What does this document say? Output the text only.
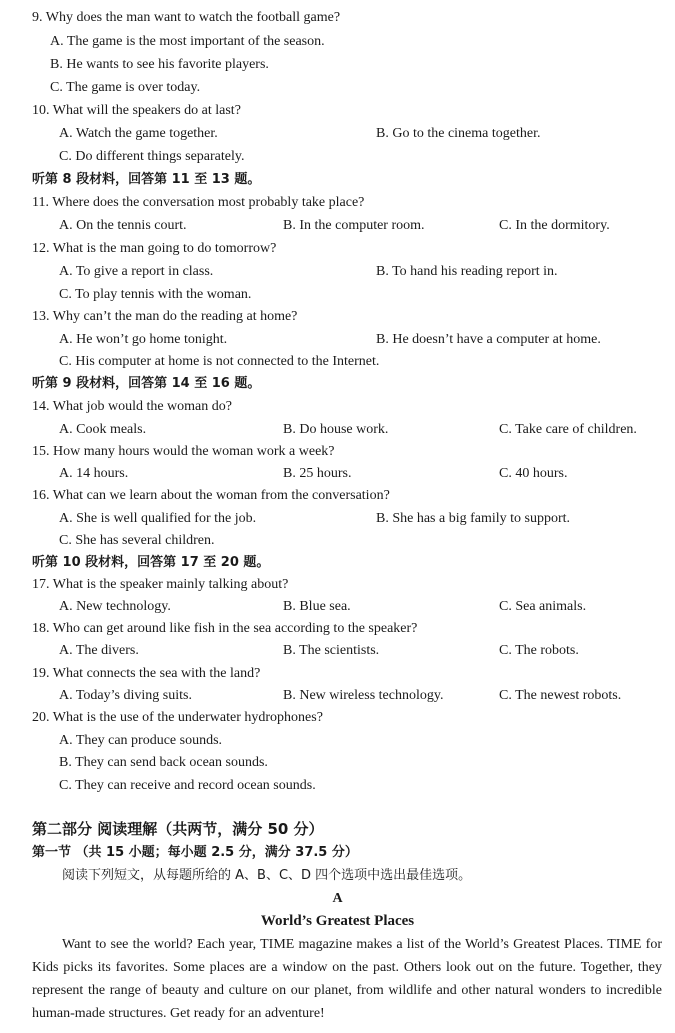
9. Why does the man want to watch the football game?
A. The game is the most important of the season.
B. He wants to see his favorite players.
C. The game is over today.
10. What will the speakers do at last?
A. Watch the game together.	B. Go to the cinema together.
C. Do different things separately.
听第 8 段材料，回答第 11 至 13 题。
11. Where does the conversation most probably take place?
A. On the tennis court.	B. In the computer room.	C. In the dormitory.
12. What is the man going to do tomorrow?
A. To give a report in class.	B. To hand his reading report in.
C. To play tennis with the woman.
13. Why can’t the man do the reading at home?
A. He won’t go home tonight.	B. He doesn’t have a computer at home.
C. His computer at home is not connected to the Internet.
听第 9 段材料，回答第 14 至 16 题。
14. What job would the woman do?
A. Cook meals.	B. Do house work.	C. Take care of children.
15. How many hours would the woman work a week?
A. 14 hours.	B. 25 hours.	C. 40 hours.
16. What can we learn about the woman from the conversation?
A. She is well qualified for the job.	B. She has a big family to support.
C. She has several children.
听第 10 段材料，回答第 17 至 20 题。
17. What is the speaker mainly talking about?
A. New technology.	B. Blue sea.	C. Sea animals.
18. Who can get around like fish in the sea according to the speaker?
A. The divers.	B. The scientists.	C. The robots.
19. What connects the sea with the land?
A. Today’s diving suits.	B. New wireless technology.	C. The newest robots.
20. What is the use of the underwater hydrophones?
A. They can produce sounds.
B. They can send back ocean sounds.
C. They can receive and record ocean sounds.
第二部分 阅读理解（共两节，满分 50 分）
第一节 （共 15 小题；每小题 2.5 分，满分 37.5 分）
阅读下列短文，从每题所给的 A、B、C、D 四个选项中选出最佳选项。
A
World’s Greatest Places

Want to see the world? Each year, TIME magazine makes a list of the World’s Greatest Places. TIME for Kids picks its favorites. Some places are a window on the past. Others look out on the future. Together, they represent the range of beauty and culture on our planet, from wildlife and other natural wonders to incredible human-made structures. Get ready for an adventure!
